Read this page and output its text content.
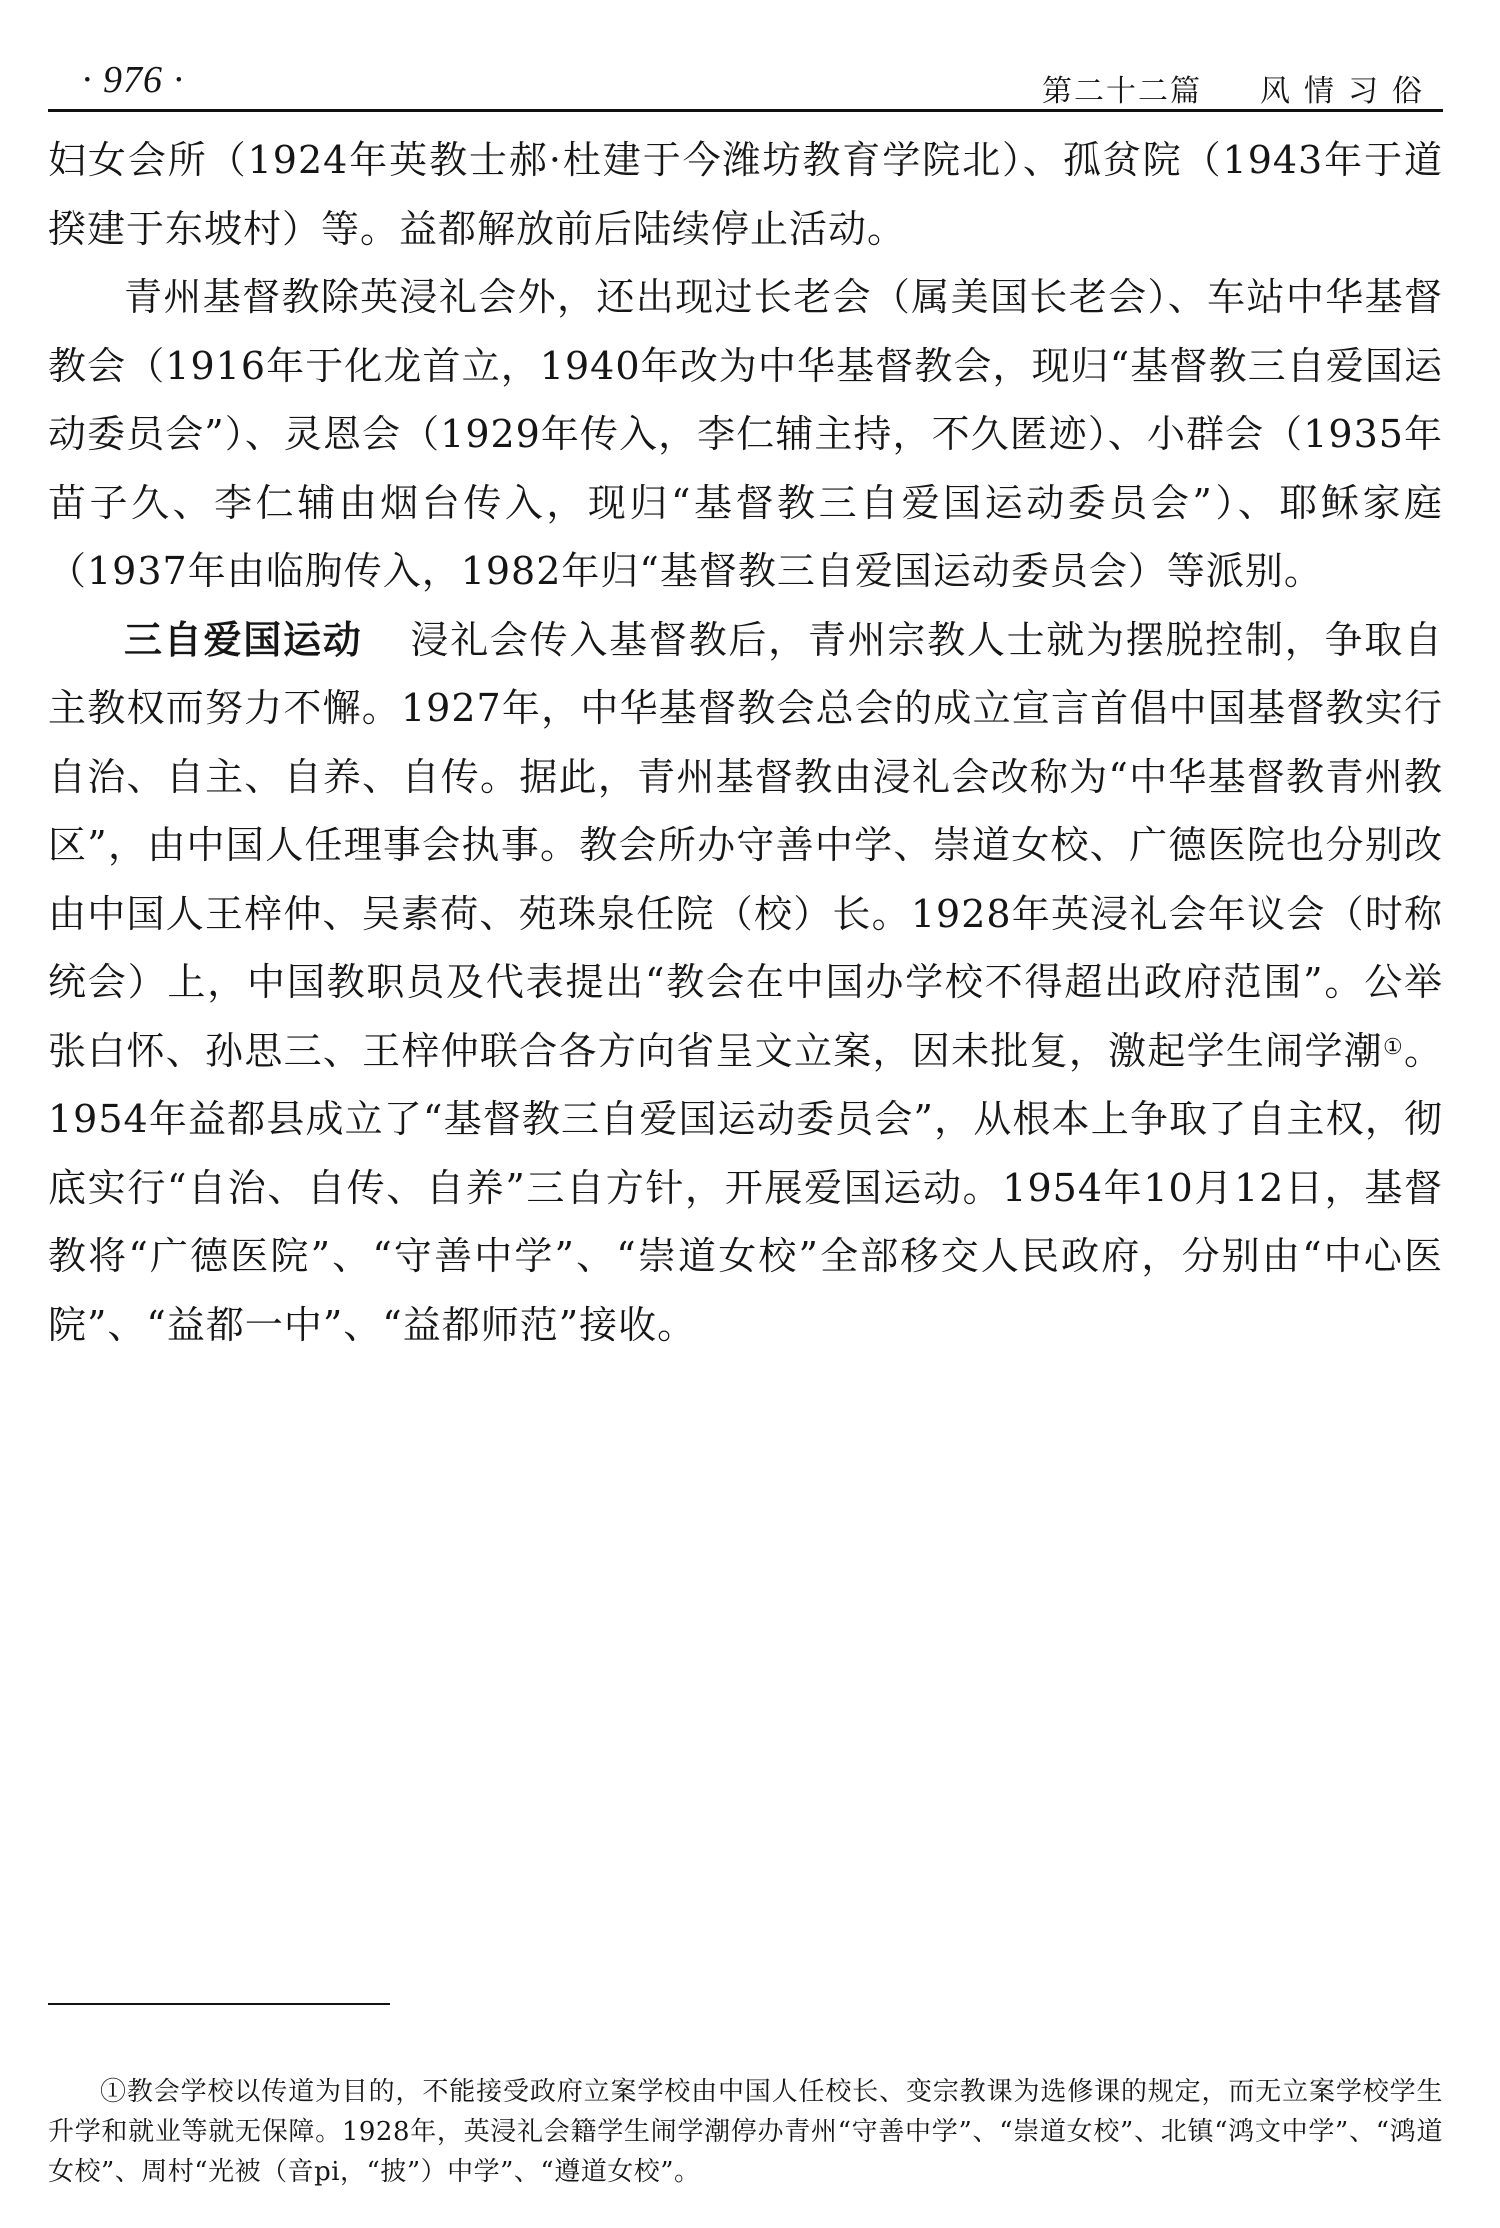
· 976 ·	第二十二篇 风情习俗

妇女会所（1924年英教士郝·杜建于今潍坊教育学院北）、孤贫院（1943年于道揆建于东坡村）等。益都解放前后陆续停止活动。

青州基督教除英浸礼会外，还出现过长老会（属美国长老会）、车站中华基督教会（1916年于化龙首立，1940年改为中华基督教会，现归“基督教三自爱国运动委员会”）、灵恩会（1929年传入，李仁辅主持，不久匿迹）、小群会（1935年苗子久、李仁辅由烟台传入，现归“基督教三自爱国运动委员会”）、耶稣家庭（1937年由临朐传入，1982年归“基督教三自爱国运动委员会）等派别。

三自爱国运动 浸礼会传入基督教后，青州宗教人士就为摆脱控制，争取自主教权而努力不懈。1927年，中华基督教会总会的成立宣言首倡中国基督教实行自治、自主、自养、自传。据此，青州基督教由浸礼会改称为“中华基督教青州教区”，由中国人任理事会执事。教会所办守善中学、崇道女校、广德医院也分别改由中国人王梓仲、吴素荷、苑珠泉任院（校）长。1928年英浸礼会年议会（时称统会）上，中国教职员及代表提出“教会在中国办学校不得超出政府范围”。公举张白怀、孙思三、王梓仲联合各方向省呈文立案，因未批复，激起学生闹学潮①。1954年益都县成立了“基督教三自爱国运动委员会”，从根本上争取了自主权，彻底实行“自治、自传、自养”三自方针，开展爱国运动。1954年10月12日，基督教将“广德医院”、“守善中学”、“崇道女校”全部移交人民政府，分别由“中心医院”、“益都一中”、“益都师范”接收。

①教会学校以传道为目的，不能接受政府立案学校由中国人任校长、变宗教课为选修课的规定，而无立案学校学生升学和就业等就无保障。1928年，英浸礼会籍学生闹学潮停办青州“守善中学”、“崇道女校”、北镇“鸿文中学”、“鸿道女校”、周村“光被（音pi，“披”）中学”、“遵道女校”。
